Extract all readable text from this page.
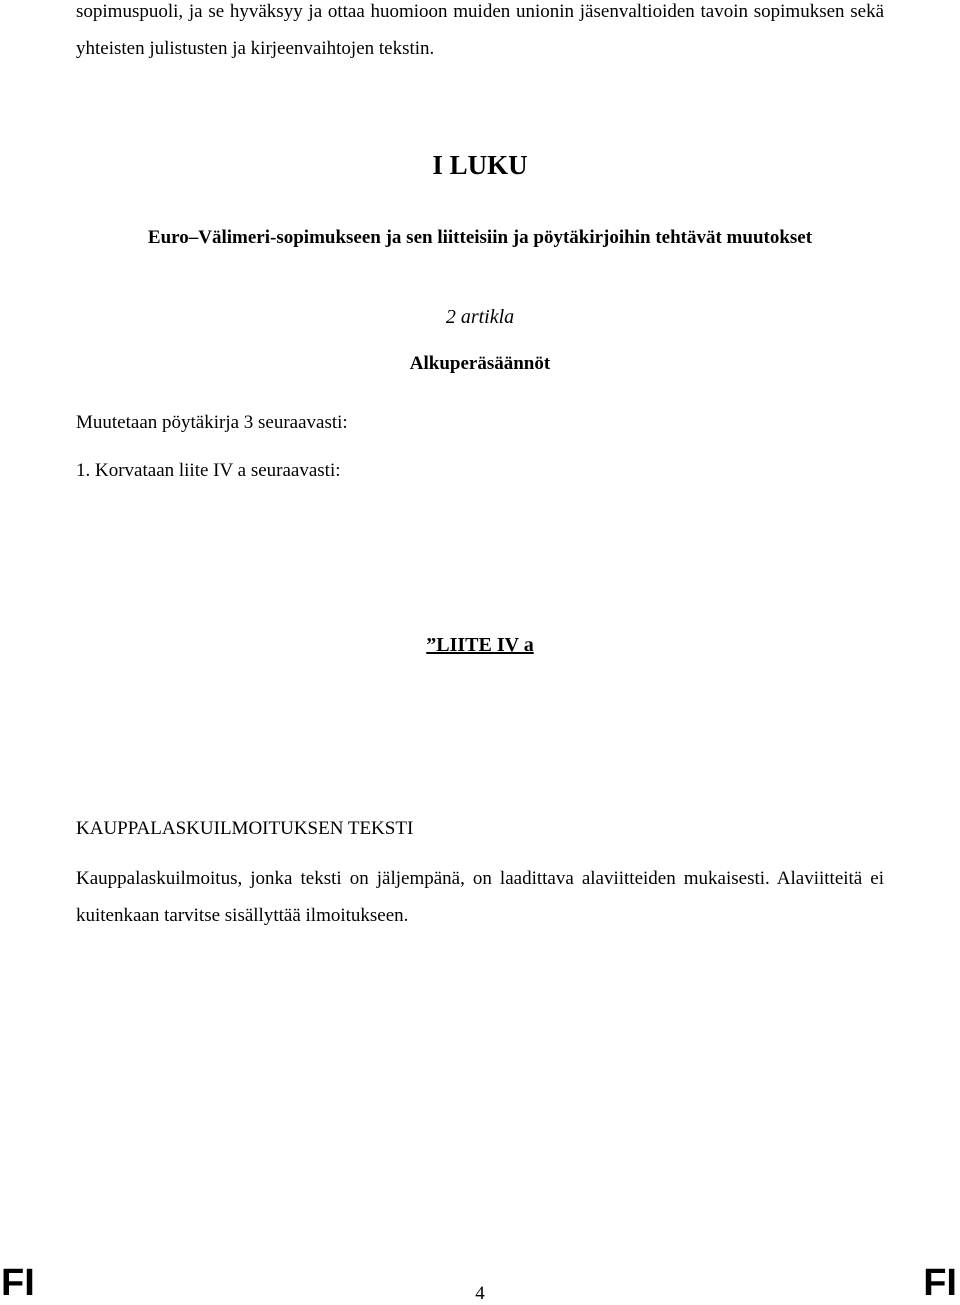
sopimuspuoli, ja se hyväksyy ja ottaa huomioon muiden unionin jäsenvaltioiden tavoin sopimuksen sekä yhteisten julistusten ja kirjeenvaihtojen tekstin.
I LUKU
Euro–Välimeri-sopimukseen ja sen liitteisiin ja pöytäkirjoihin tehtävät muutokset
2 artikla
Alkuperäsäännöt
Muutetaan pöytäkirja 3 seuraavasti:
1. Korvataan liite IV a seuraavasti:
”LIITE IV a
KAUPPALASKUILMOITUKSEN TEKSTI
Kauppalaskuilmoitus, jonka teksti on jäljempänä, on laadittava alaviitteiden mukaisesti. Alaviitteitä ei kuitenkaan tarvitse sisällyttää ilmoitukseen.
FI	4	FI
